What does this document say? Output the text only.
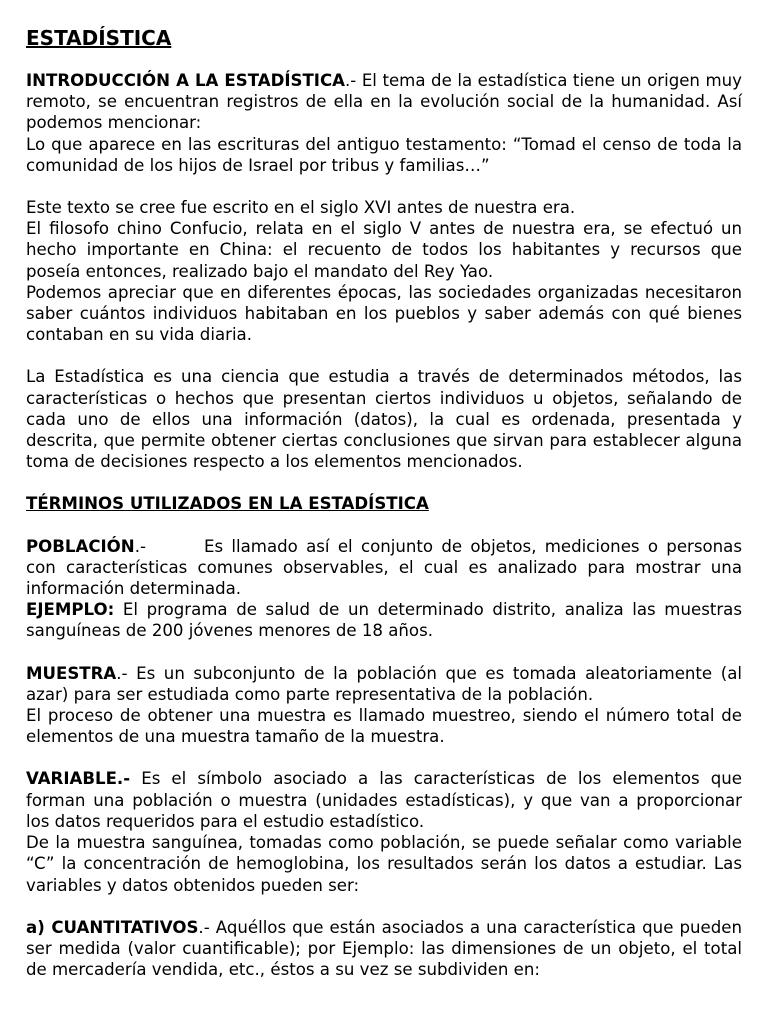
ESTADÍSTICA

INTRODUCCIÓN A LA ESTADÍSTICA.- El tema de la estadística tiene un origen muy remoto, se encuentran registros de ella en la evolución social de la humanidad. Así podemos mencionar:

Lo que aparece en las escrituras del antiguo testamento: “Tomad el censo de toda la comunidad de los hijos de Israel por tribus y familias…”

Este texto se cree fue escrito en el siglo XVI antes de nuestra era.

El filosofo chino Confucio, relata en el siglo V antes de nuestra era, se efectuó un hecho importante en China: el recuento de todos los habitantes y recursos que poseía entonces, realizado bajo el mandato del Rey Yao.

Podemos apreciar que en diferentes épocas, las sociedades organizadas necesitaron saber cuántos individuos habitaban en los pueblos y saber además con qué bienes contaban en su vida diaria.

La Estadística es una ciencia que estudia a través de determinados métodos, las características o hechos que presentan ciertos individuos u objetos, señalando de cada uno de ellos una información (datos), la cual es ordenada, presentada y descrita, que permite obtener ciertas conclusiones que sirvan para establecer alguna toma de decisiones respecto a los elementos mencionados.

TÉRMINOS UTILIZADOS EN LA ESTADÍSTICA

POBLACIÓN.-	Es llamado así el conjunto de objetos, mediciones o personas con características comunes observables, el cual es analizado para mostrar una información determinada.

EJEMPLO: El programa de salud de un determinado distrito, analiza las muestras sanguíneas de 200 jóvenes menores de 18 años.

MUESTRA.- Es un subconjunto de la población que es tomada aleatoriamente (al azar) para ser estudiada como parte representativa de la población.

El proceso de obtener una muestra es llamado muestreo, siendo el número total de elementos de una muestra tamaño de la muestra.

VARIABLE.- Es el símbolo asociado a las características de los elementos que forman una población o muestra (unidades estadísticas), y que van a proporcionar los datos requeridos para el estudio estadístico.

De la muestra sanguínea, tomadas como población, se puede señalar como variable “C” la concentración de hemoglobina, los resultados serán los datos a estudiar. Las variables y datos obtenidos pueden ser:

a) CUANTITATIVOS.- Aquéllos que están asociados a una característica que pueden ser medida (valor cuantificable); por Ejemplo: las dimensiones de un objeto, el total de mercadería vendida, etc., éstos a su vez se subdividen en:
